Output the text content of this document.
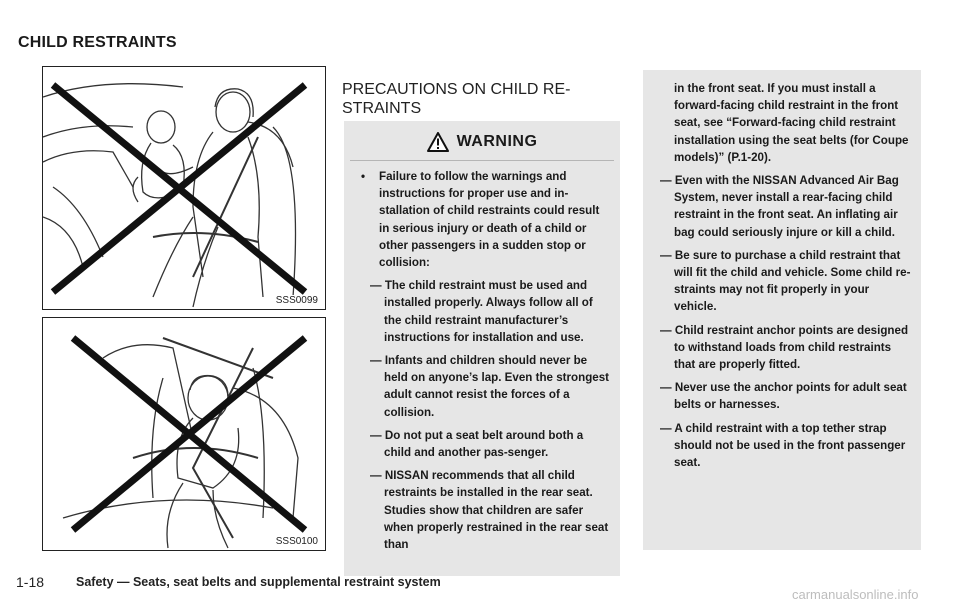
CHILD RESTRAINTS
SSS0099
SSS0100
PRECAUTIONS ON CHILD RE-
STRAINTS
WARNING

• Failure to follow the warnings and instructions for proper use and in-stallation of child restraints could result in serious injury or death of a child or other passengers in a sudden stop or collision:

— The child restraint must be used and installed properly. Always follow all of the child restraint manufacturer’s instructions for installation and use.

— Infants and children should never be held on anyone’s lap. Even the strongest adult cannot resist the forces of a collision.

— Do not put a seat belt around both a child and another pas-senger.

— NISSAN recommends that all child restraints be installed in the rear seat. Studies show that children are safer when properly restrained in the rear seat than

in the front seat. If you must install a forward-facing child restraint in the front seat, see “Forward-facing child restraint installation using the seat belts (for Coupe models)” (P.1-20).

— Even with the NISSAN Advanced Air Bag System, never install a rear-facing child restraint in the front seat. An inflating air bag could seriously injure or kill a child.

— Be sure to purchase a child restraint that will fit the child and vehicle. Some child re-straints may not fit properly in your vehicle.

— Child restraint anchor points are designed to withstand loads from child restraints that are properly fitted.

— Never use the anchor points for adult seat belts or harnesses.

— A child restraint with a top tether strap should not be used in the front passenger seat.

1-18	Safety — Seats, seat belts and supplemental restraint system
carmanualsonline.info
